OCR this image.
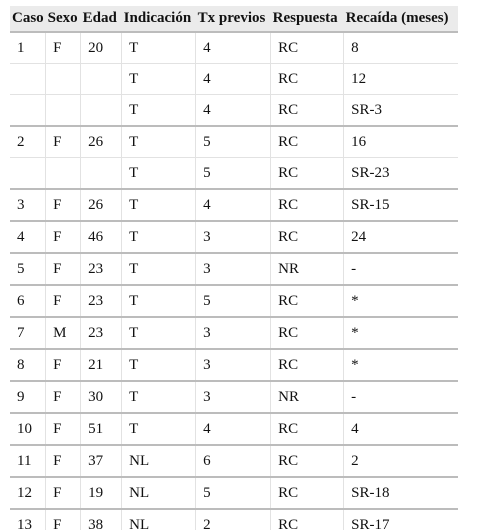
Caso	Sexo	Edad	Indicación	Tx previos	Respuesta	Recaída (meses)
1	F	20	T	4	RC	8
			T	4	RC	12
			T	4	RC	SR-3
2	F	26	T	5	RC	16
			T	5	RC	SR-23
3	F	26	T	4	RC	SR-15
4	F	46	T	3	RC	24
5	F	23	T	3	NR	-
6	F	23	T	5	RC	*
7	M	23	T	3	RC	*
8	F	21	T	3	RC	*
9	F	30	T	3	NR	-
10	F	51	T	4	RC	4
11	F	37	NL	6	RC	2
12	F	19	NL	5	RC	SR-18
13	F	38	NL	2	RC	SR-17
